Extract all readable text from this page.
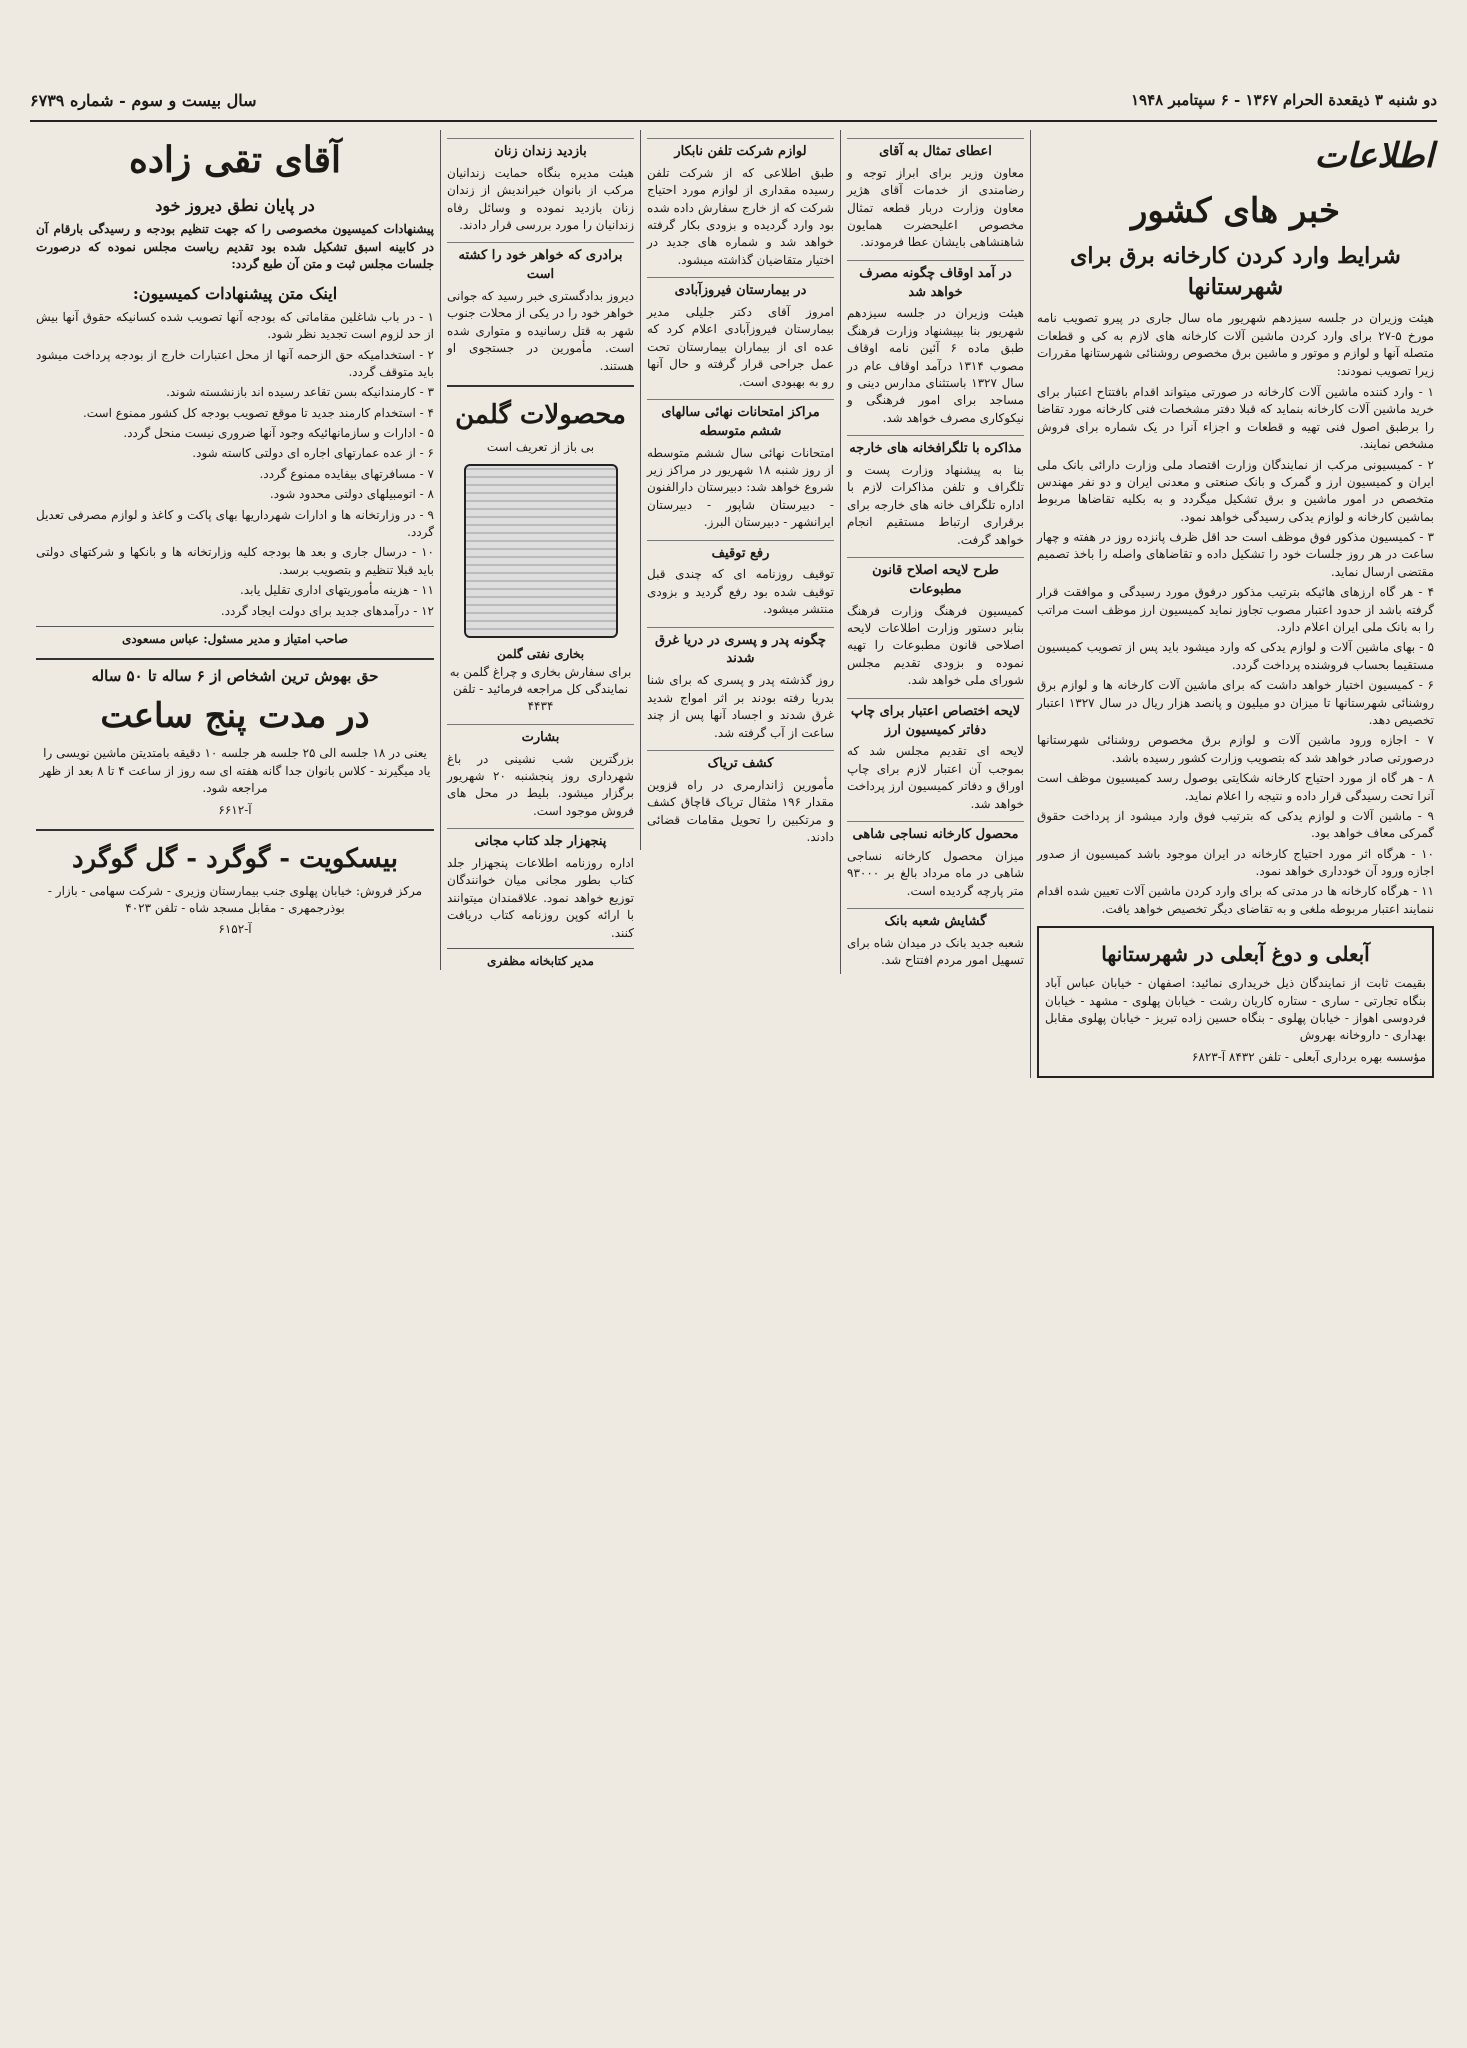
دو شنبه ۳ ذیقعدة الحرام ۱۳۶۷ - ۶ سپتامبر ۱۹۴۸
سال بیست و سوم - شماره ۶۷۳۹
اطلاعات
خبر های کشور
شرایط وارد کردن کارخانه برق برای شهرستانها

هیئت وزیران در جلسه سیزدهم شهریور ماه سال جاری در پیرو تصویب نامه مورخ ۵-۲۷ برای وارد کردن ماشین آلات کارخانه های لازم به کی و قطعات متصله آنها و لوازم و موتور و ماشین برق مخصوص روشنائی شهرستانها مقررات زیرا تصویب نمودند:

۱ - وارد کننده ماشین آلات کارخانه در صورتی میتواند اقدام بافتتاح اعتبار برای خرید ماشین آلات کارخانه بنماید که قبلا دفتر مشخصات فنی کارخانه مورد تقاضا را برطبق اصول فنی تهیه و قطعات و اجزاء آنرا در یک شماره برای فروش مشخص نمایند.

۲ - کمیسیونی مرکب از نمایندگان وزارت اقتصاد ملی وزارت دارائی بانک ملی ایران و کمیسیون ارز و گمرک و بانک صنعتی و معدنی ایران و دو نفر مهندس متخصص در امور ماشین و برق تشکیل میگردد و به بکلیه تقاضاها مربوط بماشین کارخانه و لوازم یدکی رسیدگی خواهد نمود.

۳ - کمیسیون مذکور فوق موظف است حد اقل ظرف پانزده روز در هفته و چهار ساعت در هر روز جلسات خود را تشکیل داده و تقاضاهای واصله را باخذ تصمیم مقتضی ارسال نماید.

۴ - هر گاه ارزهای هائیکه بترتیب مذکور درفوق مورد رسیدگی و موافقت قرار گرفته باشد از حدود اعتبار مصوب تجاوز نماید کمیسیون ارز موظف است مراتب را به بانک ملی ایران اعلام دارد.

۵ - بهای ماشین آلات و لوازم یدکی که وارد میشود باید پس از تصویب کمیسیون مستقیما بحساب فروشنده پرداخت گردد.

۶ - کمیسیون اختیار خواهد داشت که برای ماشین آلات کارخانه ها و لوازم برق روشنائی شهرستانها تا میزان دو میلیون و پانصد هزار ریال در سال ۱۳۲۷ اعتبار تخصیص دهد.

۷ - اجازه ورود ماشین آلات و لوازم برق مخصوص روشنائی شهرستانها درصورتی صادر خواهد شد که بتصویب وزارت کشور رسیده باشد.

۸ - هر گاه از مورد احتیاج کارخانه شکایتی بوصول رسد کمیسیون موظف است آنرا تحت رسیدگی قرار داده و نتیجه را اعلام نماید.

۹ - ماشین آلات و لوازم یدکی که بترتیب فوق وارد میشود از پرداخت حقوق گمرکی معاف خواهد بود.

۱۰ - هرگاه اثر مورد احتیاج کارخانه در ایران موجود باشد کمیسیون از صدور اجازه ورود آن خودداری خواهد نمود.

۱۱ - هرگاه کارخانه ها در مدتی که برای وارد کردن ماشین آلات تعیین شده اقدام ننمایند اعتبار مربوطه ملغی و به تقاضای دیگر تخصیص خواهد یافت.

آبعلی و دوغ آبعلی در شهرستانها

بقیمت ثابت از نمایندگان ذیل خریداری نمائید: اصفهان - خیابان عباس آباد بنگاه تجارتی - ساری - ستاره کاریان رشت - خیابان پهلوی - مشهد - خیابان فردوسی اهواز - خیابان پهلوی - بنگاه حسین زاده تبریز - خیابان پهلوی مقابل بهداری - داروخانه بهروش

مؤسسه بهره برداری آبعلی - تلفن ۸۴۳۲ آ-۶۸۲۳

اعطای تمثال به آقای

معاون وزیر برای ابراز توجه و رضامندی از خدمات آقای هژیر معاون وزارت دربار قطعه تمثال مخصوص اعلیحضرت همایون شاهنشاهی بایشان عطا فرمودند.

در آمد اوقاف چگونه مصرف خواهد شد

هیئت وزیران در جلسه سیزدهم شهریور بنا بپیشنهاد وزارت فرهنگ طبق ماده ۶ آئین نامه اوقاف مصوب ۱۳۱۴ درآمد اوقاف عام در سال ۱۳۲۷ باستثنای مدارس دینی و مساجد برای امور فرهنگی و نیکوکاری مصرف خواهد شد.

مذاکره با تلگرافخانه های خارجه

بنا به پیشنهاد وزارت پست و تلگراف و تلفن مذاکرات لازم با اداره تلگراف خانه های خارجه برای برقراری ارتباط مستقیم انجام خواهد گرفت.

طرح لایحه اصلاح قانون مطبوعات

کمیسیون فرهنگ وزارت فرهنگ بنابر دستور وزارت اطلاعات لایحه اصلاحی قانون مطبوعات را تهیه نموده و بزودی تقدیم مجلس شورای ملی خواهد شد.

لایحه اختصاص اعتبار برای چاپ دفاتر کمیسیون ارز

لایحه ای تقدیم مجلس شد که بموجب آن اعتبار لازم برای چاپ اوراق و دفاتر کمیسیون ارز پرداخت خواهد شد.

محصول کارخانه نساجی شاهی

میزان محصول کارخانه نساجی شاهی در ماه مرداد بالغ بر ۹۳۰۰۰ متر پارچه گردیده است.

گشایش شعبه بانک

شعبه جدید بانک در میدان شاه برای تسهیل امور مردم افتتاح شد.

لوازم شرکت تلفن نابکار

طبق اطلاعی که از شرکت تلفن رسیده مقداری از لوازم مورد احتیاج شرکت که از خارج سفارش داده شده بود وارد گردیده و بزودی بکار گرفته خواهد شد و شماره های جدید در اختیار متقاضیان گذاشته میشود.

در بیمارستان فیروزآبادی

امروز آقای دکتر جلیلی مدیر بیمارستان فیروزآبادی اعلام کرد که عده ای از بیماران بیمارستان تحت عمل جراحی قرار گرفته و حال آنها رو به بهبودی است.

مراکز امتحانات نهائی سالهای ششم متوسطه

امتحانات نهائی سال ششم متوسطه از روز شنبه ۱۸ شهریور در مراکز زیر شروع خواهد شد: دبیرستان دارالفنون - دبیرستان شاپور - دبیرستان ایرانشهر - دبیرستان البرز.

رفع توقیف

توقیف روزنامه ای که چندی قبل توقیف شده بود رفع گردید و بزودی منتشر میشود.

چگونه پدر و پسری در دریا غرق شدند

روز گذشته پدر و پسری که برای شنا بدریا رفته بودند بر اثر امواج شدید غرق شدند و اجساد آنها پس از چند ساعت از آب گرفته شد.

کشف تریاک

مأمورین ژاندارمری در راه قزوین مقدار ۱۹۶ مثقال تریاک قاچاق کشف و مرتکبین را تحویل مقامات قضائی دادند.

بازدید زندان زنان

هیئت مدیره بنگاه حمایت زندانیان مرکب از بانوان خیراندیش از زندان زنان بازدید نموده و وسائل رفاه زندانیان را مورد بررسی قرار دادند.

برادری که خواهر خود را کشته است

دیروز بدادگستری خبر رسید که جوانی خواهر خود را در یکی از محلات جنوب شهر به قتل رسانیده و متواری شده است. مأمورین در جستجوی او هستند.

محصولات گلمن
بی باز از تعریف است
بخاری نفتی گلمن

برای سفارش بخاری و چراغ گلمن به نمایندگی کل مراجعه فرمائید - تلفن ۴۴۳۴

بشارت

بزرگترین شب نشینی در باغ شهرداری روز پنجشنبه ۲۰ شهریور برگزار میشود. بلیط در محل های فروش موجود است.

پنجهزار جلد کتاب مجانی

اداره روزنامه اطلاعات پنجهزار جلد کتاب بطور مجانی میان خوانندگان توزیع خواهد نمود. علاقمندان میتوانند با ارائه کوپن روزنامه کتاب دریافت کنند.

مدیر کتابخانه مظفری
آقای تقی زاده
در پایان نطق دیروز خود

پیشنهادات کمیسیون مخصوصی را که جهت تنظیم بودجه و رسیدگی بارقام آن در کابینه اسبق تشکیل شده بود تقدیم ریاست مجلس نموده که درصورت جلسات مجلس ثبت و متن آن طبع گردد:

اینک متن پیشنهادات کمیسیون:

۱ - در باب شاغلین مقاماتی که بودجه آنها تصویب شده کسانیکه حقوق آنها بیش از حد لزوم است تجدید نظر شود.

۲ - استخدامیکه حق الزحمه آنها از محل اعتبارات خارج از بودجه پرداخت میشود باید متوقف گردد.

۳ - کارمندانیکه بسن تقاعد رسیده اند بازنشسته شوند.

۴ - استخدام کارمند جدید تا موقع تصویب بودجه کل کشور ممنوع است.

۵ - ادارات و سازمانهائیکه وجود آنها ضروری نیست منحل گردد.

۶ - از عده عمارتهای اجاره ای دولتی کاسته شود.

۷ - مسافرتهای بیفایده ممنوع گردد.

۸ - اتومبیلهای دولتی محدود شود.

۹ - در وزارتخانه ها و ادارات شهرداریها بهای پاکت و کاغذ و لوازم مصرفی تعدیل گردد.

۱۰ - درسال جاری و بعد ها بودجه کلیه وزارتخانه ها و بانکها و شرکتهای دولتی باید قبلا تنظیم و بتصویب برسد.

۱۱ - هزینه مأموریتهای اداری تقلیل یابد.

۱۲ - درآمدهای جدید برای دولت ایجاد گردد.

صاحب امتیاز و مدیر مسئول: عباس مسعودی
حق بهوش ترین اشخاص از ۶ ساله تا ۵۰ ساله
در مدت پنج ساعت

یعنی در ۱۸ جلسه الی ۲۵ جلسه هر جلسه ۱۰ دقیقه بامتدیتن ماشین نویسی را یاد میگیرند - کلاس بانوان جدا گانه هفته ای سه روز از ساعت ۴ تا ۸ بعد از ظهر مراجعه شود.

آ-۶۶۱۲
بیسکویت - گوگرد - گل گوگرد

مرکز فروش: خیابان پهلوی جنب بیمارستان وزیری - شرکت سهامی - بازار - بوذرجمهری - مقابل مسجد شاه - تلفن ۴۰۲۳

آ-۶۱۵۲
